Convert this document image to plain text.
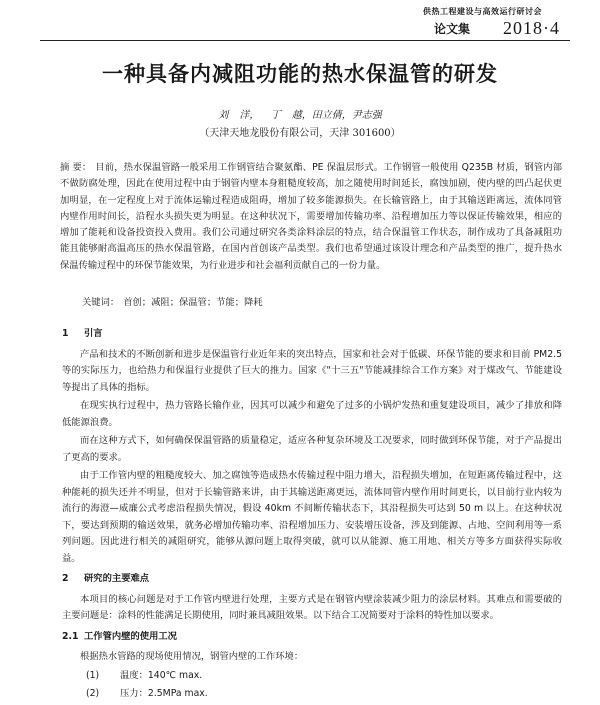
供热工程建设与高效运行研讨会
论文集 2018·4
一种具备内减阻功能的热水保温管的研发
刘 洋， 丁 越，田立倩，尹志强
（天津天地龙股份有限公司，天津 301600）
摘 要： 目前，热水保温管路一般采用工作钢管结合聚氨酯、PE 保温层形式。工作钢管一般使用 Q235B 材质，钢管内部不做防腐处理，因此在使用过程中由于钢管内壁本身粗糙度较高，加之随使用时间延长，腐蚀加剧，使内壁的凹凸起伏更加明显，在一定程度上对于流体运输过程造成阻碍，增加了较多能源损失。在长输管路上，由于其输送距离远，流体同管内壁作用时间长，沿程水头损失更为明显。在这种状况下，需要增加传输功率、沿程增加压力等以保证传输效果，相应的增加了能耗和设备投资投入费用。我们公司通过研究各类涂料涂层的特点，结合保温管工作状态，制作成功了具备减阻功能且能够耐高温高压的热水保温管路，在国内首创该产品类型。我们也希望通过该设计理念和产品类型的推广，提升热水保温传输过程中的环保节能效果，为行业进步和社会福利贡献自己的一份力量。
关键词： 首创；减阻；保温管；节能；降耗
1 引言

产品和技术的不断创新和进步是保温管行业近年来的突出特点，国家和社会对于低碳、环保节能的要求和目前 PM2.5 等的实际压力，也给热力和保温行业提供了巨大的推力。国家《"十三五"节能减排综合工作方案》对于煤改气、节能建设等提出了具体的指标。

在现实执行过程中，热力管路长输作业，因其可以减少和避免了过多的小锅炉发热和重复建设项目，减少了排放和降低能源浪费。

而在这种方式下，如何确保保温管路的质量稳定，适应各种复杂环境及工况要求，同时做到环保节能，对于产品提出了更高的要求。

由于工作管内壁的粗糙度较大、加之腐蚀等造成热水传输过程中阻力增大，沿程损失增加，在短距离传输过程中，这种能耗的损失还并不明显，但对于长输管路来讲，由于其输送距离更远，流体同管内壁作用时间更长，以目前行业内较为流行的海澄—威廉公式考虑沿程损失情况，假设 40km 不间断传输状态下，其沿程损失可达到 50 m 以上。在这种状况下，要达到预期的输送效果，就务必增加传输功率、沿程增加压力、安装增压设备，涉及到能源、占地、空间利用等一系列问题。因此进行相关的减阻研究，能够从源问题上取得突破，就可以从能源、施工用地、相关方等多方面获得实际收益。

2 研究的主要难点

本项目的核心问题是对于工作管内壁进行处理，主要方式是在钢管内壁涂装减少阻力的涂层材料。其难点和需要破的主要问题是：涂料的性能满足长期使用，同时兼具减阻效果。以下结合工况简要对于涂料的特性加以要求。

2.1 工作管内壁的使用工况

根据热水管路的现场使用情况，钢管内壁的工作环境：

(1) 温度：140℃ max.
(2) 压力：2.5MPa max.
